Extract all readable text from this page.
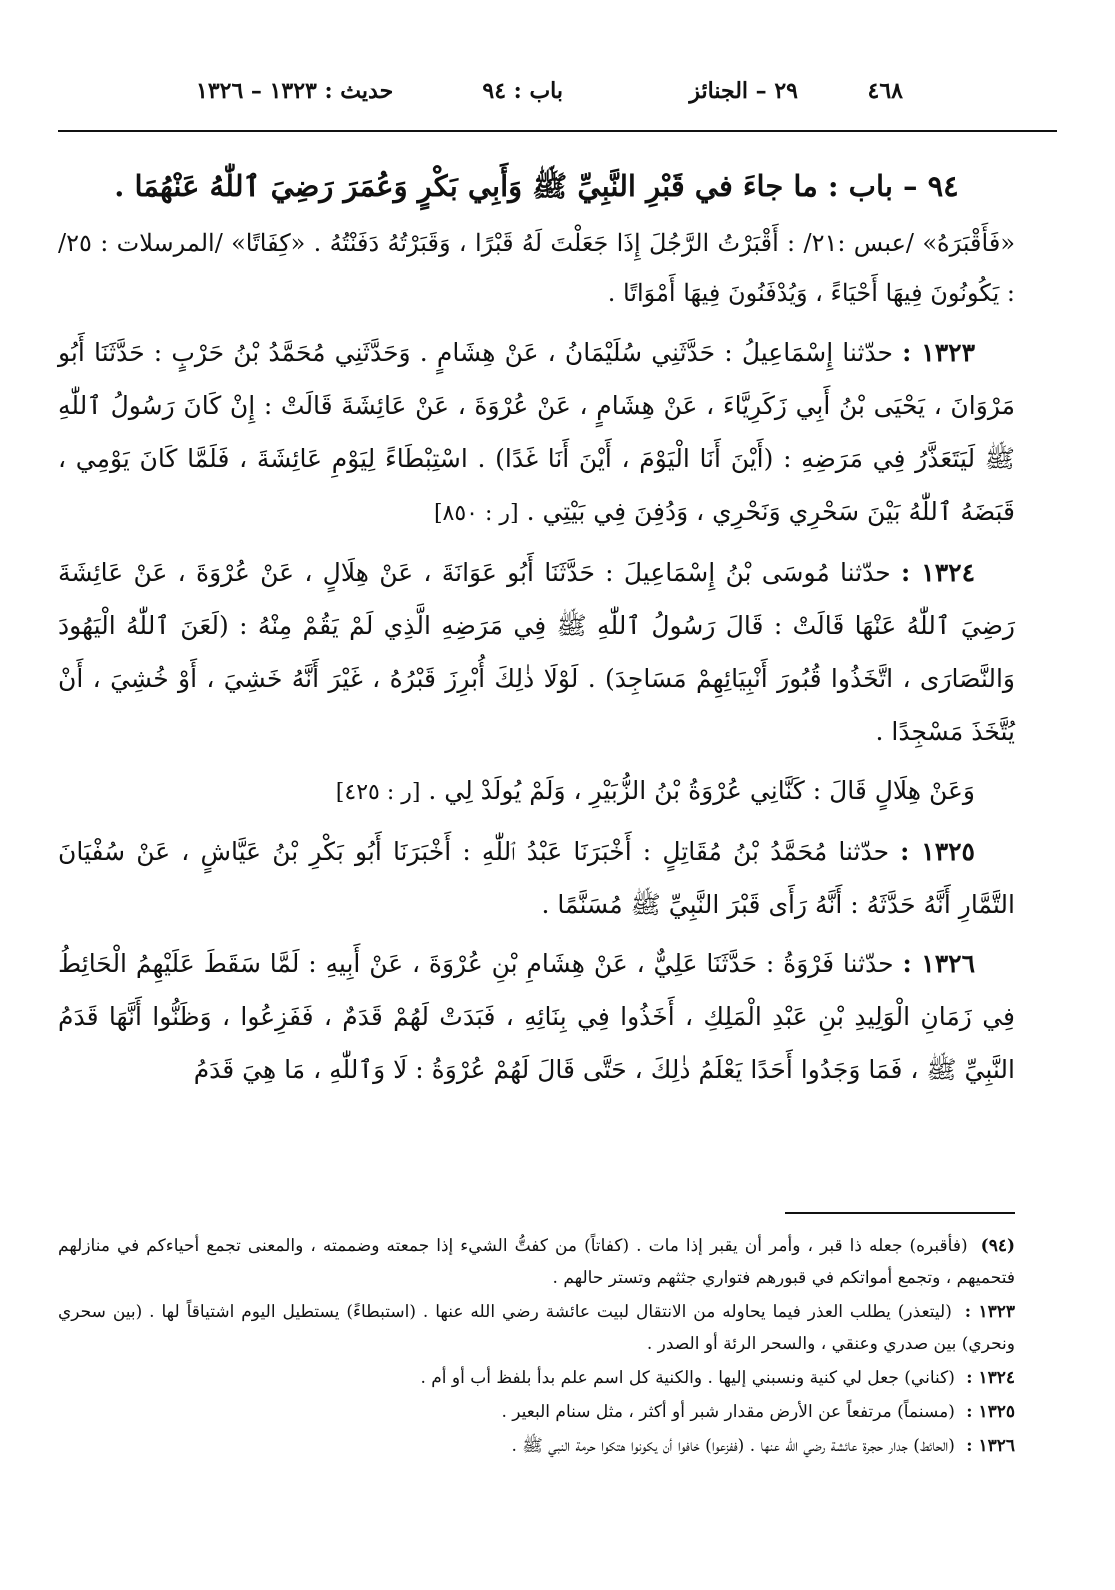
٤٦٨
٢٩ – الجنائز
باب : ٩٤
حديث : ١٣٢٣ – ١٣٢٦
٩٤ – باب : ما جاءَ في قَبْرِ النَّبِيِّ ﷺ وَأَبِي بَكْرٍ وَعُمَرَ رَضِيَ ٱللّٰهُ عَنْهُمَا .
«فَأَقْبَرَهُ» /عبس :٢١/ : أَقْبَرْتُ الرَّجُلَ إِذَا جَعَلْتَ لَهُ قَبْرًا ، وَقَبَرْتُهُ دَفَنْتُهُ . «كِفَاتًا» /المرسلات : ٢٥/ : يَكُونُونَ فِيهَا أَحْيَاءً ، وَيُدْفَنُونَ فِيهَا أَمْوَاتًا .
١٣٢٣ : حدّثنا إِسْمَاعِيلُ : حَدَّثَنِي سُلَيْمَانُ ، عَنْ هِشَامٍ . وَحَدَّثَنِي مُحَمَّدُ بْنُ حَرْبٍ : حَدَّثَنَا أَبُو مَرْوَانَ ، يَحْيَى بْنُ أَبِي زَكَرِيَّاءَ ، عَنْ هِشَامٍ ، عَنْ عُرْوَةَ ، عَنْ عَائِشَةَ قَالَتْ : إِنْ كَانَ رَسُولُ ٱللّٰهِ ﷺ لَيَتَعَذَّرُ فِي مَرَضِهِ : (أَيْنَ أَنَا الْيَوْمَ ، أَيْنَ أَنَا غَدًا) . اسْتِبْطَاءً لِيَوْمِ عَائِشَةَ ، فَلَمَّا كَانَ يَوْمِي ، قَبَضَهُ ٱللّٰهُ بَيْنَ سَحْرِي وَنَحْرِي ، وَدُفِنَ فِي بَيْتِي . [ر : ٨٥٠]
١٣٢٤ : حدّثنا مُوسَى بْنُ إِسْمَاعِيلَ : حَدَّثَنَا أَبُو عَوَانَةَ ، عَنْ هِلَالٍ ، عَنْ عُرْوَةَ ، عَنْ عَائِشَةَ رَضِيَ ٱللّٰهُ عَنْهَا قَالَتْ : قَالَ رَسُولُ ٱللّٰهِ ﷺ فِي مَرَضِهِ الَّذِي لَمْ يَقُمْ مِنْهُ : (لَعَنَ ٱللّٰهُ الْيَهُودَ وَالنَّصَارَى ، اتَّخَذُوا قُبُورَ أَنْبِيَائِهِمْ مَسَاجِدَ) . لَوْلَا ذٰلِكَ أُبْرِزَ قَبْرُهُ ، غَيْرَ أَنَّهُ خَشِيَ ، أَوْ خُشِيَ ، أَنْ يُتَّخَذَ مَسْجِدًا .
وَعَنْ هِلَالٍ قَالَ : كَنَّانِي عُرْوَةُ بْنُ الزُّبَيْرِ ، وَلَمْ يُولَدْ لِي . [ر : ٤٢٥]
١٣٢٥ : حدّثنا مُحَمَّدُ بْنُ مُقَاتِلٍ : أَخْبَرَنَا عَبْدُ ٱللّٰهِ : أَخْبَرَنَا أَبُو بَكْرِ بْنُ عَيَّاشٍ ، عَنْ سُفْيَانَ التَّمَّارِ أَنَّهُ حَدَّثَهُ : أَنَّهُ رَأَى قَبْرَ النَّبِيِّ ﷺ مُسَنَّمًا .
١٣٢٦ : حدّثنا فَرْوَةُ : حَدَّثَنَا عَلِيٌّ ، عَنْ هِشَامِ بْنِ عُرْوَةَ ، عَنْ أَبِيهِ : لَمَّا سَقَطَ عَلَيْهِمُ الْحَائِطُ فِي زَمَانِ الْوَلِيدِ بْنِ عَبْدِ الْمَلِكِ ، أَخَذُوا فِي بِنَائِهِ ، فَبَدَتْ لَهُمْ قَدَمٌ ، فَفَزِعُوا ، وَظَنُّوا أَنَّهَا قَدَمُ النَّبِيِّ ﷺ ، فَمَا وَجَدُوا أَحَدًا يَعْلَمُ ذٰلِكَ ، حَتَّى قَالَ لَهُمْ عُرْوَةُ : لَا وَٱللّٰهِ ، مَا هِيَ قَدَمُ
(٩٤) (فأقبره) جعله ذا قبر ، وأمر أن يقبر إذا مات . (كفاتاً) من كفتُّ الشيء إذا جمعته وضممته ، والمعنى تجمع أحياءكم في منازلهم فتحميهم ، وتجمع أمواتكم في قبورهم فتواري جثثهم وتستر حالهم .
١٣٢٣ : (ليتعذر) يطلب العذر فيما يحاوله من الانتقال لبيت عائشة رضي الله عنها . (استبطاءً) يستطيل اليوم اشتياقاً لها . (بين سحري ونحري) بين صدري وعنقي ، والسحر الرئة أو الصدر .
١٣٢٤ : (كناني) جعل لي كنية ونسبني إليها . والكنية كل اسم علم بدأ بلفظ أب أو أم .
١٣٢٥ : (مسنماً) مرتفعاً عن الأرض مقدار شبر أو أكثر ، مثل سنام البعير .
١٣٢٦ : (الحائط) جدار حجرة عائشة رضي الله عنها . (ففزعوا) خافوا أن يكونوا هتكوا حرمة النبي ﷺ .
